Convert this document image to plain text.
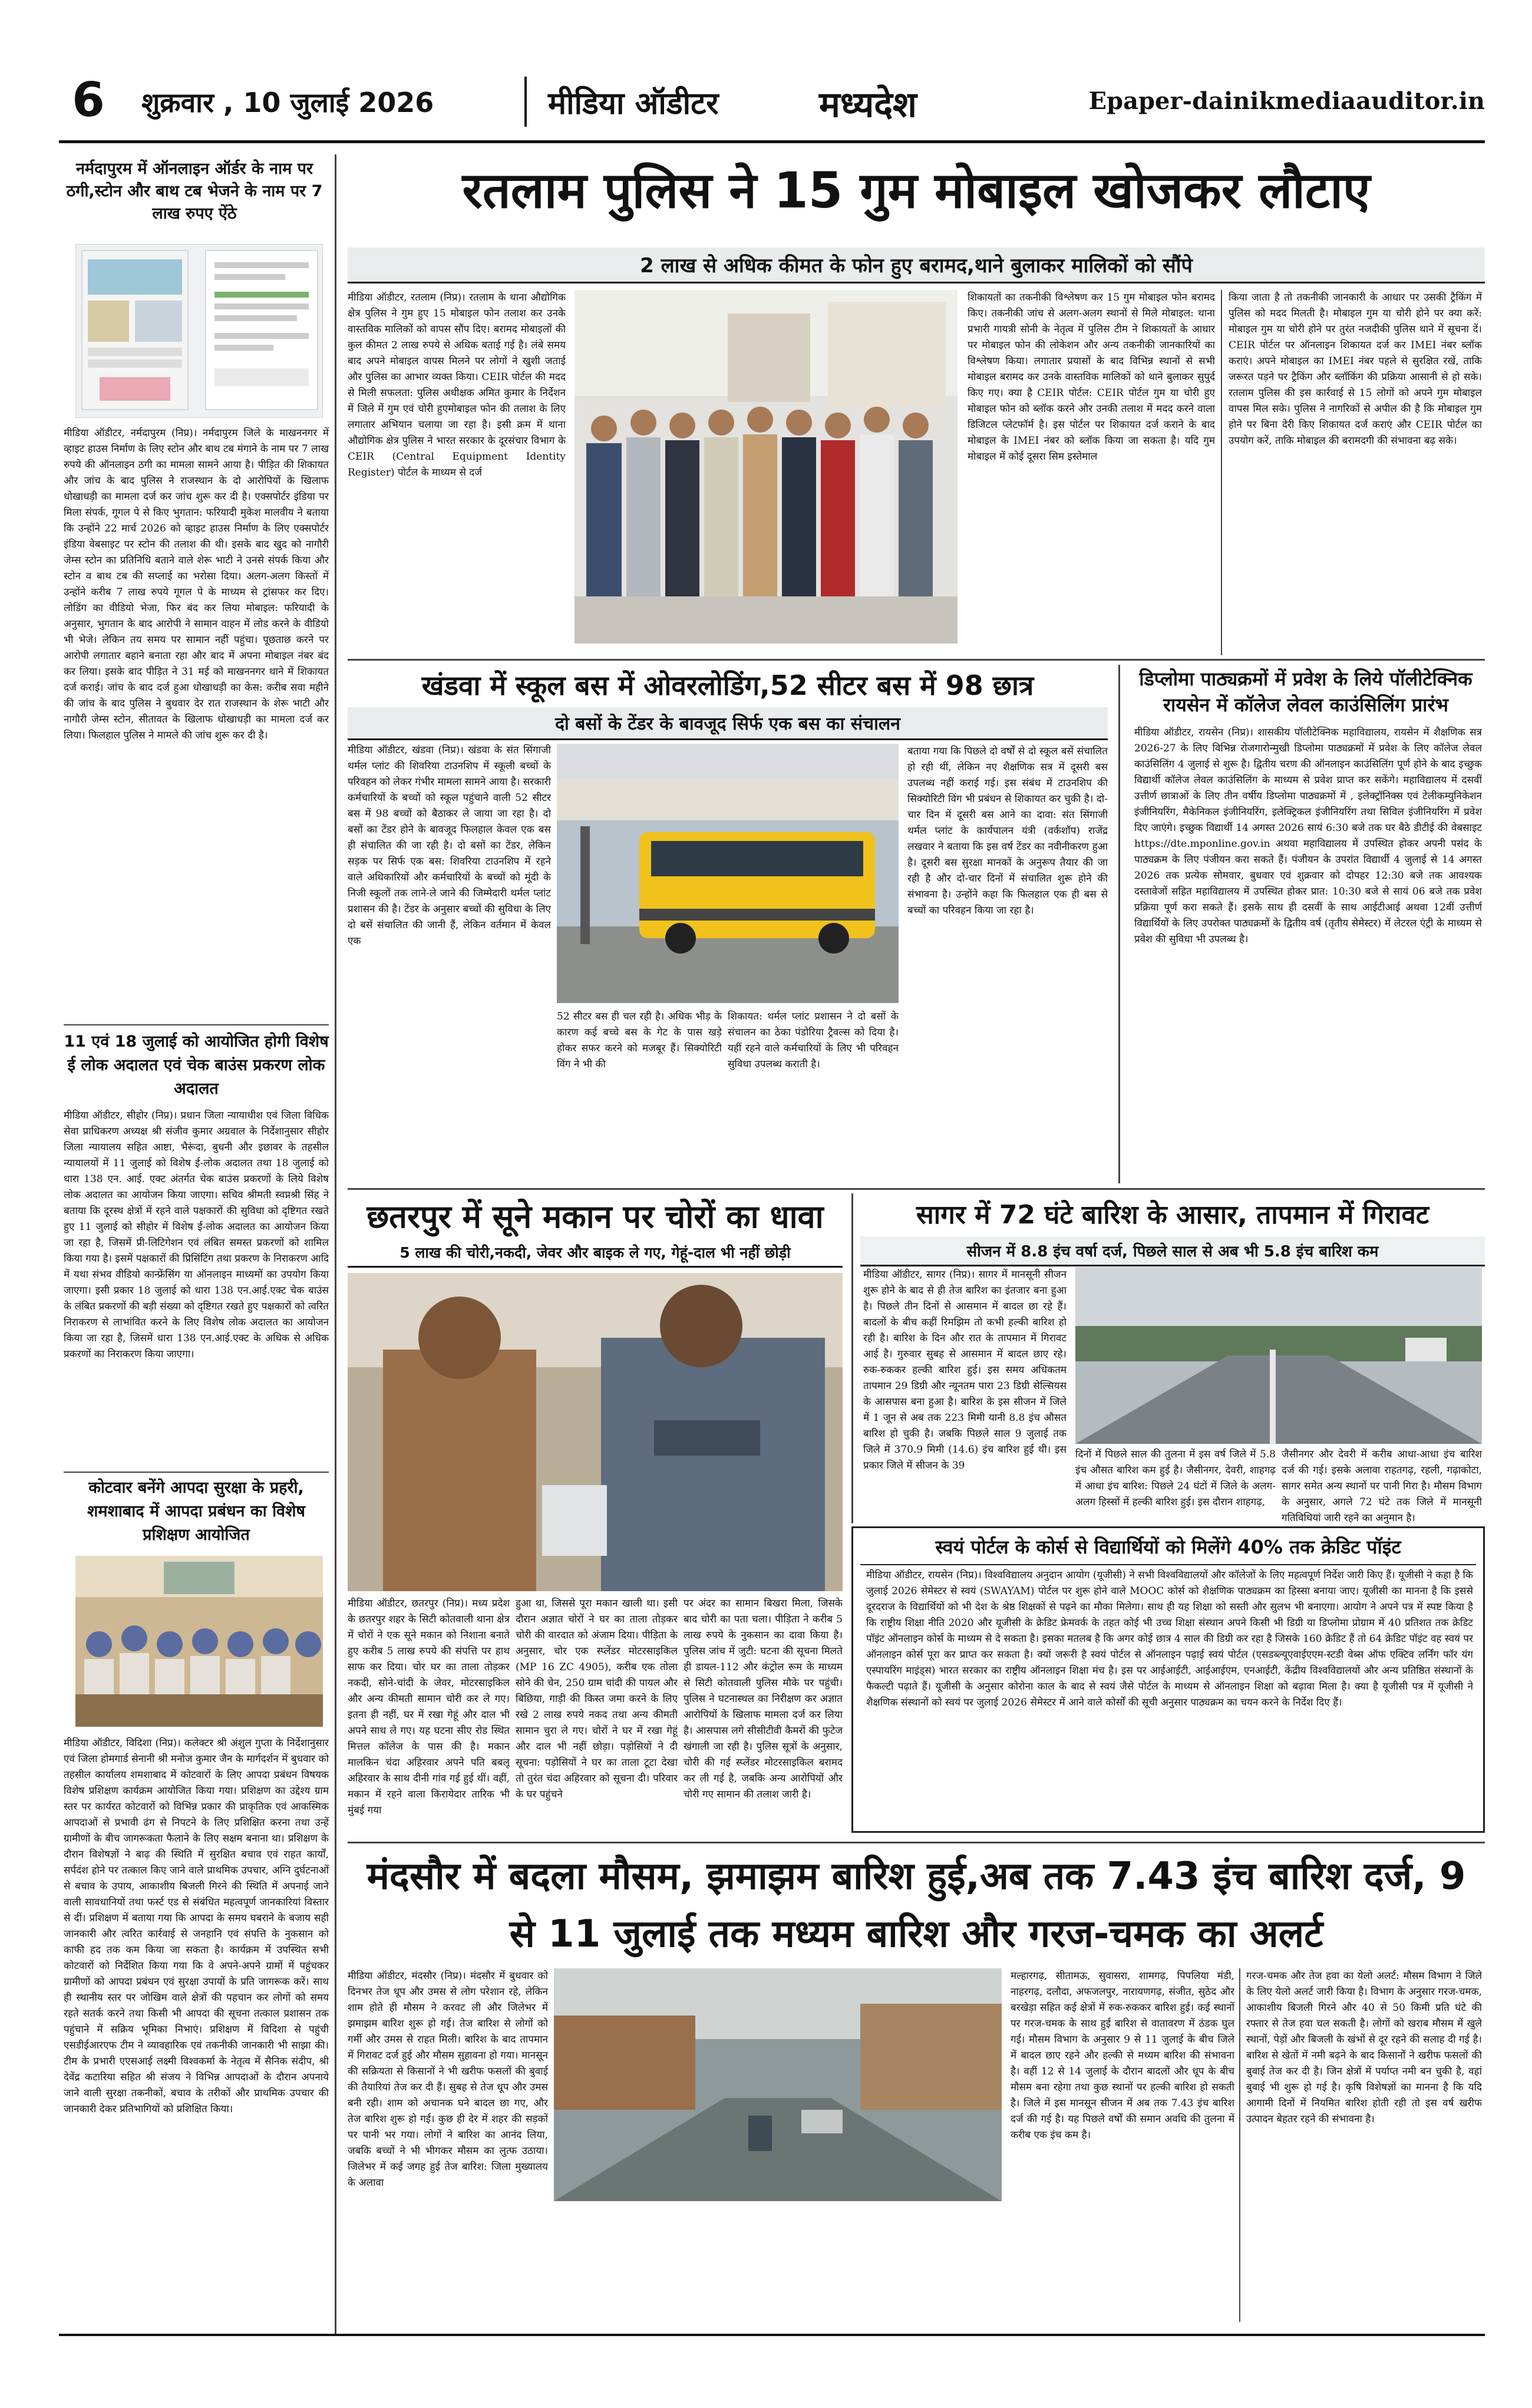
6	शुक्रवार , 10 जुलाई 2026	मीडिया ऑडीटर	मध्यदेश	Epaper-dainikmediaauditor.in
नर्मदापुरम में ऑनलाइन ऑर्डर के नाम पर ठगी,स्टोन और बाथ टब भेजने के नाम पर 7 लाख रुपए ऐंठे
मीडिया ऑडीटर, नर्मदापुरम (निप्र)। नर्मदापुरम जिले के माखननगर में व्हाइट हाउस निर्माण के लिए स्टोन और बाथ टब मंगाने के नाम पर 7 लाख रुपये की ऑनलाइन ठगी का मामला सामने आया है। पीड़ित की शिकायत और जांच के बाद पुलिस ने राजस्थान के दो आरोपियों के खिलाफ धोखाधड़ी का मामला दर्ज कर जांच शुरू कर दी है। एक्सपोर्टर इंडिया पर मिला संपर्क, गूगल पे से किए भुगतान: फरियादी मुकेश मालवीय ने बताया कि उन्होंने 22 मार्च 2026 को व्हाइट हाउस निर्माण के लिए एक्सपोर्टर इंडिया वेबसाइट पर स्टोन की तलाश की थी। इसके बाद खुद को नागौरी जेम्स स्टोन का प्रतिनिधि बताने वाले शेरू भाटी ने उनसे संपर्क किया और स्टोन व बाथ टब की सप्लाई का भरोसा दिया। अलग-अलग किस्तों में उन्होंने करीब 7 लाख रुपये गूगल पे के माध्यम से ट्रांसफर कर दिए। लोडिंग का वीडियो भेजा, फिर बंद कर लिया मोबाइल: फरियादी के अनुसार, भुगतान के बाद आरोपी ने सामान वाहन में लोड करने के वीडियो भी भेजे। लेकिन तय समय पर सामान नहीं पहुंचा। पूछताछ करने पर आरोपी लगातार बहाने बनाता रहा और बाद में अपना मोबाइल नंबर बंद कर लिया। इसके बाद पीड़ित ने 31 मई को माखननगर थाने में शिकायत दर्ज कराई। जांच के बाद दर्ज हुआ धोखाधड़ी का केस: करीब सवा महीने की जांच के बाद पुलिस ने बुधवार देर रात राजस्थान के शेरू भाटी और नागौरी जेम्स स्टोन, सीतावत के खिलाफ धोखाधड़ी का मामला दर्ज कर लिया। फिलहाल पुलिस ने मामले की जांच शुरू कर दी है।
11 एवं 18 जुलाई को आयोजित होगी विशेष ई लोक अदालत एवं चेक बाउंस प्रकरण लोक अदालत
मीडिया ऑडीटर, सीहोर (निप्र)। प्रधान जिला न्यायाधीश एवं जिला विधिक सेवा प्राधिकरण अध्यक्ष श्री संजीव कुमार अग्रवाल के निर्देशानुसार सीहोर जिला न्यायालय सहित आष्टा, भैरूंदा, बुधनी और इछावर के तहसील न्यायालयों में 11 जुलाई को विशेष ई-लोक अदालत तथा 18 जुलाई को धारा 138 एन. आई. एक्ट अंतर्गत चेक बाउंस प्रकरणों के लिये विशेष लोक अदालत का आयोजन किया जाएगा। सचिव श्रीमती स्वप्नश्री सिंह ने बताया कि दूरस्थ क्षेत्रों में रहने वाले पक्षकारों की सुविधा को दृष्टिगत रखते हुए 11 जुलाई को सीहोर में विशेष ई-लोक अदालत का आयोजन किया जा रहा है, जिसमें प्री-लिटिगेशन एवं लंबित समस्त प्रकरणों को शामिल किया गया है। इसमें पक्षकारों की प्रिसिंटिंग तथा प्रकरण के निराकरण आदि में यथा संभव वीडियो कान्फ्रेंसिंग या ऑनलाइन माध्यमों का उपयोग किया जाएगा। इसी प्रकार 18 जुलाई को धारा 138 एन.आई.एक्ट चेक बाउंस के लंबित प्रकरणों की बड़ी संख्या को दृष्टिगत रखते हुए पक्षकारों को त्वरित निराकरण से लाभांवित करने के लिए विशेष लोक अदालत का आयोजन किया जा रहा है, जिसमें धारा 138 एन.आई.एक्ट के अधिक से अधिक प्रकरणों का निराकरण किया जाएगा।
कोटवार बनेंगे आपदा सुरक्षा के प्रहरी, शमशाबाद में आपदा प्रबंधन का विशेष प्रशिक्षण आयोजित
मीडिया ऑडीटर, विदिशा (निप्र)। कलेक्टर श्री अंशुल गुप्ता के निर्देशानुसार एवं जिला होमगार्ड सेनानी श्री मनोज कुमार जैन के मार्गदर्शन में बुधवार को तहसील कार्यालय शमशाबाद में कोटवारों के लिए आपदा प्रबंधन विषयक विशेष प्रशिक्षण कार्यक्रम आयोजित किया गया। प्रशिक्षण का उद्देश्य ग्राम स्तर पर कार्यरत कोटवारों को विभिन्न प्रकार की प्राकृतिक एवं आकस्मिक आपदाओं से प्रभावी ढंग से निपटने के लिए प्रशिक्षित करना तथा उन्हें ग्रामीणों के बीच जागरूकता फैलाने के लिए सक्षम बनाना था। प्रशिक्षण के दौरान विशेषज्ञों ने बाढ़ की स्थिति में सुरक्षित बचाव एवं राहत कार्यों, सर्पदंश होने पर तत्काल किए जाने वाले प्राथमिक उपचार, अग्नि दुर्घटनाओं से बचाव के उपाय, आकाशीय बिजली गिरने की स्थिति में अपनाई जाने वाली सावधानियों तथा फर्स्ट एड से संबंधित महत्वपूर्ण जानकारियां विस्तार से दीं। प्रशिक्षण में बताया गया कि आपदा के समय घबराने के बजाय सही जानकारी और त्वरित कार्रवाई से जनहानि एवं संपत्ति के नुकसान को काफी हद तक कम किया जा सकता है। कार्यक्रम में उपस्थित सभी कोटवारों को निर्देशित किया गया कि वे अपने-अपने ग्रामों में पहुंचकर ग्रामीणों को आपदा प्रबंधन एवं सुरक्षा उपायों के प्रति जागरूक करें। साथ ही स्थानीय स्तर पर जोखिम वाले क्षेत्रों की पहचान कर लोगों को समय रहते सतर्क करने तथा किसी भी आपदा की सूचना तत्काल प्रशासन तक पहुंचाने में सक्रिय भूमिका निभाएं। प्रशिक्षण में विदिशा से पहुंची एसडीईआरएफ टीम ने व्यावहारिक एवं तकनीकी जानकारी भी साझा की। टीम के प्रभारी एएसआई लक्ष्मी विश्वकर्मा के नेतृत्व में सैनिक संदीप, श्री देवेंद्र कटारिया सहित श्री संजय ने विभिन्न आपदाओं के दौरान अपनाये जाने वाली सुरक्षा तकनीकों, बचाव के तरीकों और प्राथमिक उपचार की जानकारी देकर प्रतिभागियों को प्रशिक्षित किया।
रतलाम पुलिस ने 15 गुम मोबाइल खोजकर लौटाए
2 लाख से अधिक कीमत के फोन हुए बरामद,थाने बुलाकर मालिकों को सौंपे
मीडिया ऑडीटर, रतलाम (निप्र)। रतलाम के थाना औद्योगिक क्षेत्र पुलिस ने गुम हुए 15 मोबाइल फोन तलाश कर उनके वास्तविक मालिकों को वापस सौंप दिए। बरामद मोबाइलों की कुल कीमत 2 लाख रुपये से अधिक बताई गई है। लंबे समय बाद अपने मोबाइल वापस मिलने पर लोगों ने खुशी जताई और पुलिस का आभार व्यक्त किया। CEIR पोर्टल की मदद से मिली सफलता: पुलिस अधीक्षक अमित कुमार के निर्देशन में जिले में गुम एवं चोरी हुएमोबाइल फोन की तलाश के लिए लगातार अभियान चलाया जा रहा है। इसी क्रम में थाना औद्योगिक क्षेत्र पुलिस ने भारत सरकार के दूरसंचार विभाग के CEIR (Central Equipment Identity Register) पोर्टल के माध्यम से दर्ज
शिकायतों का तकनीकी विश्लेषण कर 15 गुम मोबाइल फोन बरामद किए। तकनीकी जांच से अलग-अलग स्थानों से मिले मोबाइल: थाना प्रभारी गायत्री सोनी के नेतृत्व में पुलिस टीम ने शिकायतों के आधार पर मोबाइल फोन की लोकेशन और अन्य तकनीकी जानकारियों का विश्लेषण किया। लगातार प्रयासों के बाद विभिन्न स्थानों से सभी मोबाइल बरामद कर उनके वास्तविक मालिकों को थाने बुलाकर सुपुर्द किए गए। क्या है CEIR पोर्टल: CEIR पोर्टल गुम या चोरी हुए मोबाइल फोन को ब्लॉक करने और उनकी तलाश में मदद करने वाला डिजिटल प्लेटफॉर्म है। इस पोर्टल पर शिकायत दर्ज कराने के बाद मोबाइल के IMEI नंबर को ब्लॉक किया जा सकता है। यदि गुम मोबाइल में कोई दूसरा सिम इस्तेमाल
किया जाता है तो तकनीकी जानकारी के आधार पर उसकी ट्रैकिंग में पुलिस को मदद मिलती है। मोबाइल गुम या चोरी होने पर क्या करें: मोबाइल गुम या चोरी होने पर तुरंत नजदीकी पुलिस थाने में सूचना दें। CEIR पोर्टल पर ऑनलाइन शिकायत दर्ज कर IMEI नंबर ब्लॉक कराएं। अपने मोबाइल का IMEI नंबर पहले से सुरक्षित रखें, ताकि जरूरत पड़ने पर ट्रैकिंग और ब्लॉकिंग की प्रक्रिया आसानी से हो सके। रतलाम पुलिस की इस कार्रवाई से 15 लोगों को अपने गुम मोबाइल वापस मिल सके। पुलिस ने नागरिकों से अपील की है कि मोबाइल गुम होने पर बिना देरी किए शिकायत दर्ज कराएं और CEIR पोर्टल का उपयोग करें, ताकि मोबाइल की बरामदगी की संभावना बढ़ सके।
खंडवा में स्कूल बस में ओवरलोडिंग,52 सीटर बस में 98 छात्र
दो बसों के टेंडर के बावजूद सिर्फ एक बस का संचालन
मीडिया ऑडीटर, खंडवा (निप्र)। खंडवा के संत सिंगाजी थर्मल प्लांट की शिवरिया टाउनशिप में स्कूली बच्चों के परिवहन को लेकर गंभीर मामला सामने आया है। सरकारी कर्मचारियों के बच्चों को स्कूल पहुंचाने वाली 52 सीटर बस में 98 बच्चों को बैठाकर ले जाया जा रहा है। दो बसों का टेंडर होने के बावजूद फिलहाल केवल एक बस ही संचालित की जा रही है। दो बसों का टेंडर, लेकिन सड़क पर सिर्फ एक बस: शिवरिया टाउनशिप में रहने वाले अधिकारियों और कर्मचारियों के बच्चों को मूंदी के निजी स्कूलों तक लाने-ले जाने की जिम्मेदारी थर्मल प्लांट प्रशासन की है। टेंडर के अनुसार बच्चों की सुविधा के लिए दो बसें संचालित की जानी हैं, लेकिन वर्तमान में केवल एक
52 सीटर बस ही चल रही है। अधिक भीड़ के कारण कई बच्चे बस के गेट के पास खड़े होकर सफर करने को मजबूर हैं। सिक्योरिटी विंग ने भी की
शिकायत: थर्मल प्लांट प्रशासन ने दो बसों के संचालन का ठेका पंडोरिया ट्रैवल्स को दिया है। यहीं रहने वाले कर्मचारियों के लिए भी परिवहन सुविधा उपलब्ध कराती है।
बताया गया कि पिछले दो वर्षों से दो स्कूल बसें संचालित हो रही थीं, लेकिन नए शैक्षणिक सत्र में दूसरी बस उपलब्ध नहीं कराई गई। इस संबंध में टाउनशिप की सिक्योरिटी विंग भी प्रबंधन से शिकायत कर चुकी है। दो-चार दिन में दूसरी बस आने का दावा: संत सिंगाजी थर्मल प्लांट के कार्यपालन यंत्री (वर्कशॉप) राजेंद्र लखवार ने बताया कि इस वर्ष टेंडर का नवीनीकरण हुआ है। दूसरी बस सुरक्षा मानकों के अनुरूप तैयार की जा रही है और दो-चार दिनों में संचालित शुरू होने की संभावना है। उन्होंने कहा कि फिलहाल एक ही बस से बच्चों का परिवहन किया जा रहा है।
डिप्लोमा पाठ्यक्रमों में प्रवेश के लिये पॉलीटेक्निक रायसेन में कॉलेज लेवल काउंसिलिंग प्रारंभ
मीडिया ऑडीटर, रायसेन (निप्र)। शासकीय पॉलीटेक्निक महाविद्यालय, रायसेन में शैक्षणिक सत्र 2026-27 के लिए विभिन्न रोजगारोन्मुखी डिप्लोमा पाठ्यक्रमों में प्रवेश के लिए कॉलेज लेवल काउंसिलिंग 4 जुलाई से शुरू है। द्वितीय चरण की ऑनलाइन काउंसिलिंग पूर्ण होने के बाद इच्छुक विद्यार्थी कॉलेज लेवल काउंसिलिंग के माध्यम से प्रवेश प्राप्त कर सकेंगे। महाविद्यालय में दसवीं उत्तीर्ण छात्राओं के लिए तीन वर्षीय डिप्लोमा पाठ्यक्रमों में , इलेक्ट्रॉनिक्स एवं टेलीकम्युनिकेशन इंजीनियरिंग, मैकेनिकल इंजीनियरिंग, इलेक्ट्रिकल इंजीनियरिंग तथा सिविल इंजीनियरिंग में प्रवेश दिए जाएंगे। इच्छुक विद्यार्थी 14 अगस्त 2026 सायं 6:30 बजे तक घर बैठे डीटीई की वेबसाइट https://dte.mponline.gov.in अथवा महाविद्यालय में उपस्थित होकर अपनी पसंद के पाठ्यक्रम के लिए पंजीयन करा सकते हैं। पंजीयन के उपरांत विद्यार्थी 4 जुलाई से 14 अगस्त 2026 तक प्रत्येक सोमवार, बुधवार एवं शुक्रवार को दोपहर 12:30 बजे तक आवश्यक दस्तावेजों सहित महाविद्यालय में उपस्थित होकर प्रात: 10:30 बजे से सायं 06 बजे तक प्रवेश प्रक्रिया पूर्ण करा सकते हैं। इसके साथ ही दसवीं के साथ आईटीआई अथवा 12वीं उत्तीर्ण विद्यार्थियों के लिए उपरोक्त पाठ्यक्रमों के द्वितीय वर्ष (तृतीय सेमेस्टर) में लेटरल एंट्री के माध्यम से प्रवेश की सुविधा भी उपलब्ध है।
छतरपुर में सूने मकान पर चोरों का धावा
5 लाख की चोरी,नकदी, जेवर और बाइक ले गए, गेहूं-दाल भी नहीं छोड़ी
मीडिया ऑडीटर, छतरपुर (निप्र)। मध्य प्रदेश के छतरपुर शहर के सिटी कोतवाली थाना क्षेत्र में चोरों ने एक सूने मकान को निशाना बनाते हुए करीब 5 लाख रुपये की संपत्ति पर हाथ साफ कर दिया। चोर घर का ताला तोड़कर नकदी, सोने-चांदी के जेवर, मोटरसाइकिल और अन्य कीमती सामान चोरी कर ले गए। इतना ही नहीं, घर में रखा गेहूं और दाल भी अपने साथ ले गए। यह घटना सीए रोड स्थित मित्तल कॉलेज के पास की है। मकान मालकिन चंदा अहिरवार अपने पति बबलू अहिरवार के साथ दीनी गांव गई हुई थीं। वहीं, मकान में रहने वाला किरायेदार तारिक भी मुंबई गया
हुआ था, जिससे पूरा मकान खाली था। इसी दौरान अज्ञात चोरों ने घर का ताला तोड़कर चोरी की वारदात को अंजाम दिया। पीड़िता के अनुसार, चोर एक स्प्लेंडर मोटरसाइकिल (MP 16 ZC 4905), करीब एक तोला सोने की चेन, 250 ग्राम चांदी की पायल और बिछिया, गाड़ी की किस्त जमा करने के लिए रखे 2 लाख रुपये नकद तथा अन्य कीमती सामान चुरा ले गए। चोरों ने घर में रखा गेहूं और दाल भी नहीं छोड़ा। पड़ोसियों ने दी सूचना: पड़ोसियों ने घर का ताला टूटा देखा तो तुरंत चंदा अहिरवार को सूचना दी। परिवार के घर पहुंचने
पर अंदर का सामान बिखरा मिला, जिसके बाद चोरी का पता चला। पीड़िता ने करीब 5 लाख रुपये के नुकसान का दावा किया है। पुलिस जांच में जुटी: घटना की सूचना मिलते ही डायल-112 और कंट्रोल रूम के माध्यम से सिटी कोतवाली पुलिस मौके पर पहुंची। पुलिस ने घटनास्थल का निरीक्षण कर अज्ञात आरोपियों के खिलाफ मामला दर्ज कर लिया है। आसपास लगे सीसीटीवी कैमरों की फुटेज खंगाली जा रही है। पुलिस सूत्रों के अनुसार, चोरी की गई स्प्लेंडर मोटरसाइकिल बरामद कर ली गई है, जबकि अन्य आरोपियों और चोरी गए सामान की तलाश जारी है।
सागर में 72 घंटे बारिश के आसार, तापमान में गिरावट
सीजन में 8.8 इंच वर्षा दर्ज, पिछले साल से अब भी 5.8 इंच बारिश कम
मीडिया ऑडीटर, सागर (निप्र)। सागर में मानसूनी सीजन शुरू होने के बाद से ही तेज बारिश का इंतजार बना हुआ है। पिछले तीन दिनों से आसमान में बादल छा रहे हैं। बादलों के बीच कहीं रिमझिम तो कभी हल्की बारिश हो रही है। बारिश के दिन और रात के तापमान में गिरावट आई है। गुरुवार सुबह से आसमान में बादल छाए रहे। रुक-रुककर हल्की बारिश हुई। इस समय अधिकतम तापमान 29 डिग्री और न्यूनतम पारा 23 डिग्री सेल्सियस के आसपास बना हुआ है। बारिश के इस सीजन में जिले में 1 जून से अब तक 223 मिमी यानी 8.8 इंच औसत बारिश हो चुकी है। जबकि पिछले साल 9 जुलाई तक जिले में 370.9 मिमी (14.6) इंच बारिश हुई थी। इस प्रकार जिले में सीजन के 39
दिनों में पिछले साल की तुलना में इस वर्ष जिले में 5.8 इंच औसत बारिश कम हुई है। जैसीनगर, देवरी, शाहगढ़ में आधा इंच बारिश: पिछले 24 घंटों में जिले के अलग-अलग हिस्सों में हल्की बारिश हुई। इस दौरान शाहगढ़,
जैसीनगर और देवरी में करीब आधा-आधा इंच बारिश दर्ज की गई। इसके अलावा राहतगढ़, रहली, गढ़ाकोटा, सागर समेत अन्य स्थानों पर पानी गिरा है। मौसम विभाग के अनुसार, अगले 72 घंटे तक जिले में मानसूनी गतिविधियां जारी रहने का अनुमान है।
स्वयं पोर्टल के कोर्स से विद्यार्थियों को मिलेंगे 40% तक क्रेडिट पॉइंट
मीडिया ऑडीटर, रायसेन (निप्र)। विश्वविद्यालय अनुदान आयोग (यूजीसी) ने सभी विश्वविद्यालयों और कॉलेजों के लिए महत्वपूर्ण निर्देश जारी किए हैं। यूजीसी ने कहा है कि जुलाई 2026 सेमेस्टर से स्वयं (SWAYAM) पोर्टल पर शुरू होने वाले MOOC कोर्स को शैक्षणिक पाठ्यक्रम का हिस्सा बनाया जाए। यूजीसी का मानना है कि इससे दूरदराज के विद्यार्थियों को भी देश के श्रेष्ठ शिक्षकों से पढ़ने का मौका मिलेगा। साथ ही यह शिक्षा को सस्ती और सुलभ भी बनाएगा। आयोग ने अपने पत्र में स्पष्ट किया है कि राष्ट्रीय शिक्षा नीति 2020 और यूजीसी के क्रेडिट फ्रेमवर्क के तहत कोई भी उच्च शिक्षा संस्थान अपने किसी भी डिग्री या डिप्लोमा प्रोग्राम में 40 प्रतिशत तक क्रेडिट पॉइंट ऑनलाइन कोर्स के माध्यम से दे सकता है। इसका मतलब है कि अगर कोई छात्र 4 साल की डिग्री कर रहा है जिसके 160 क्रेडिट हैं तो 64 क्रेडिट पॉइंट वह स्वयं पर ऑनलाइन कोर्स पूरा कर प्राप्त कर सकता है। क्यों जरूरी है स्वयं पोर्टल से ऑनलाइन पढ़ाई स्वयं पोर्टल (एसडब्ल्यूएवाईएएम-स्टडी वेब्स ऑफ एक्टिव लर्निंग फॉर यंग एस्पायरिंग माइंड्स) भारत सरकार का राष्ट्रीय ऑनलाइन शिक्षा मंच है। इस पर आईआईटी, आईआईएम, एनआईटी, केंद्रीय विश्वविद्यालयों और अन्य प्रतिष्ठित संस्थानों के फैकल्टी पढ़ाते हैं। यूजीसी के अनुसार कोरोना काल के बाद से स्वयं जैसे पोर्टल के माध्यम से ऑनलाइन शिक्षा को बढ़ावा मिला है। क्या है यूजीसी पत्र में यूजीसी ने शैक्षणिक संस्थानों को स्वयं पर जुलाई 2026 सेमेस्टर में आने वाले कोर्सों की सूची अनुसार पाठ्यक्रम का चयन करने के निर्देश दिए हैं।
मंदसौर में बदला मौसम, झमाझम बारिश हुई,अब तक 7.43 इंच बारिश दर्ज, 9 से 11 जुलाई तक मध्यम बारिश और गरज-चमक का अलर्ट
मीडिया ऑडीटर, मंदसौर (निप्र)। मंदसौर में बुधवार को दिनभर तेज धूप और उमस से लोग परेशान रहे, लेकिन शाम होते ही मौसम ने करवट ली और जिलेभर में झमाझम बारिश शुरू हो गई। तेज बारिश से लोगों को गर्मी और उमस से राहत मिली। बारिश के बाद तापमान में गिरावट दर्ज हुई और मौसम सुहावना हो गया। मानसून की सक्रियता से किसानों ने भी खरीफ फसलों की बुवाई की तैयारियां तेज कर दी हैं। सुबह से तेज धूप और उमस बनी रही। शाम को अचानक घने बादल छा गए, और तेज बारिश शुरू हो गई। कुछ ही देर में शहर की सड़कों पर पानी भर गया। लोगों ने बारिश का आनंद लिया, जबकि बच्चों ने भी भीगकर मौसम का लुत्फ उठाया। जिलेभर में कई जगह हुई तेज बारिश: जिला मुख्यालय के अलावा
मल्हारगढ़, सीतामऊ, सुवासरा, शामगढ़, पिपलिया मंडी, नाहरगढ़, दलौदा, अफजलपुर, नारायणगढ़, संजीत, सुठेद और बरखेड़ा सहित कई क्षेत्रों में रुक-रुककर बारिश हुई। कई स्थानों पर गरज-चमक के साथ हुई बारिश से वातावरण में ठंडक घुल गई। मौसम विभाग के अनुसार 9 से 11 जुलाई के बीच जिले में बादल छाए रहने और हल्की से मध्यम बारिश की संभावना है। वहीं 12 से 14 जुलाई के दौरान बादलों और धूप के बीच मौसम बना रहेगा तथा कुछ स्थानों पर हल्की बारिश हो सकती है। जिले में इस मानसून सीजन में अब तक 7.43 इंच बारिश दर्ज की गई है। यह पिछले वर्षों की समान अवधि की तुलना में करीब एक इंच कम है।
गरज-चमक और तेज हवा का येलो अलर्ट: मौसम विभाग ने जिले के लिए येलो अलर्ट जारी किया है। विभाग के अनुसार गरज-चमक, आकाशीय बिजली गिरने और 40 से 50 किमी प्रति घंटे की रफ्तार से तेज हवा चल सकती है। लोगों को खराब मौसम में खुले स्थानों, पेड़ों और बिजली के खंभों से दूर रहने की सलाह दी गई है। बारिश से खेतों में नमी बढ़ने के बाद किसानों ने खरीफ फसलों की बुवाई तेज कर दी है। जिन क्षेत्रों में पर्याप्त नमी बन चुकी है, वहां बुवाई भी शुरू हो गई है। कृषि विशेषज्ञों का मानना है कि यदि आगामी दिनों में नियमित बारिश होती रही तो इस वर्ष खरीफ उत्पादन बेहतर रहने की संभावना है।
